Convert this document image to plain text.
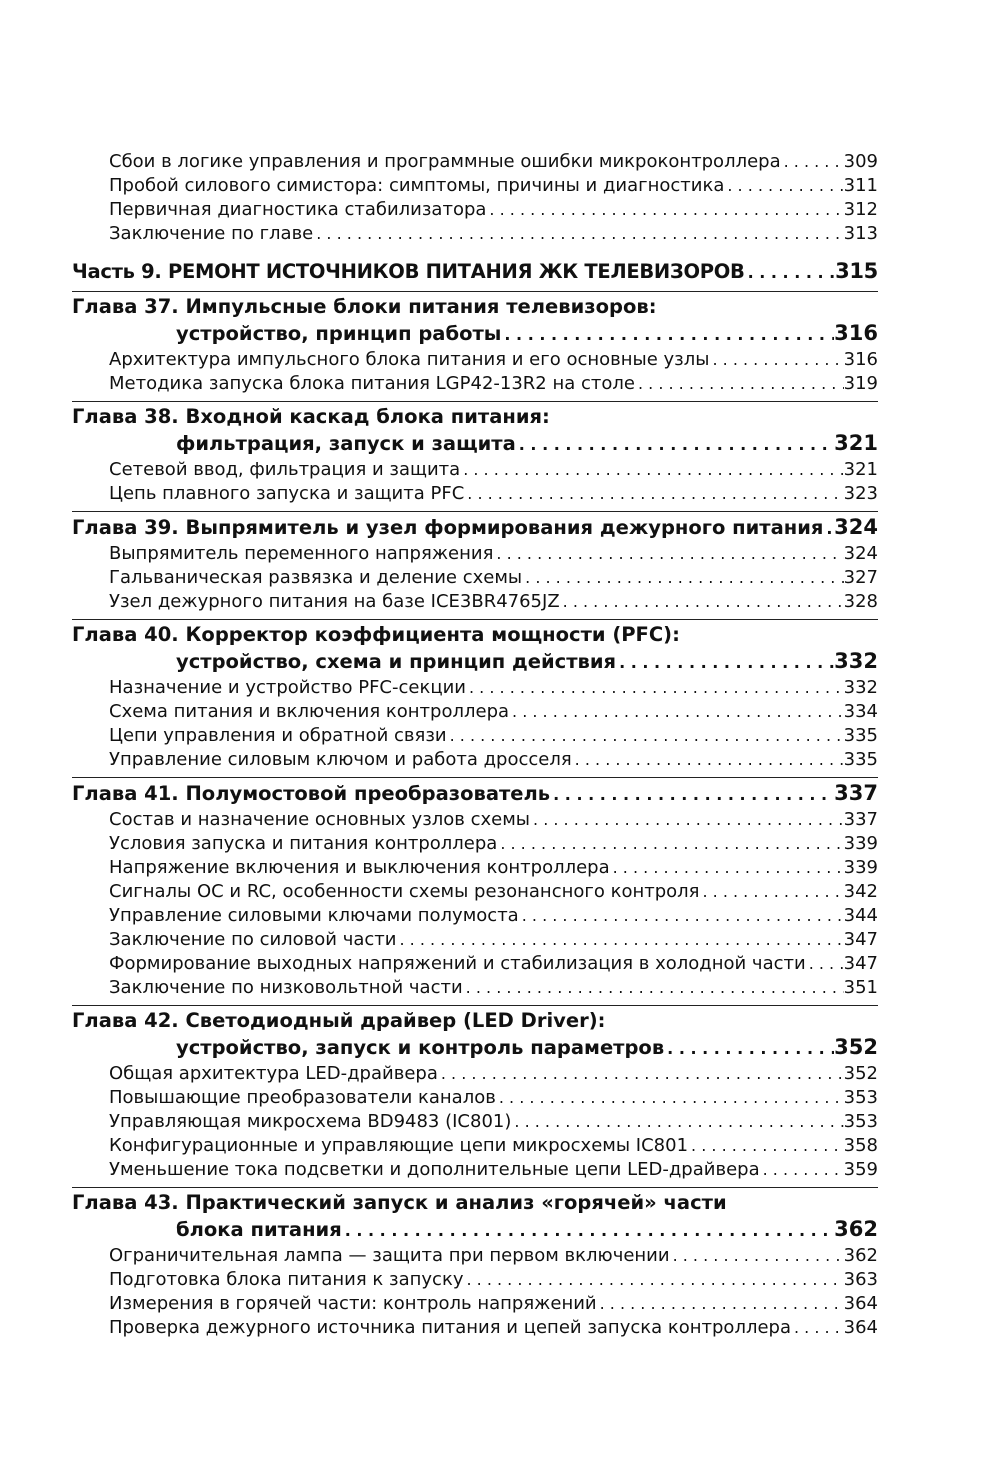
Сбои в логике управления и программные ошибки микроконтроллера . . .	309
Пробой силового симистора: симптомы, причины и диагностика . . .	311
Первичная диагностика стабилизатора . . .	312
Заключение по главе . . .	313
Часть 9. РЕМОНТ ИСТОЧНИКОВ ПИТАНИЯ ЖК ТЕЛЕВИЗОРОВ . . .	315
Глава 37. Импульсные блоки питания телевизоров:
устройство, принцип работы . . .	316
Архитектура импульсного блока питания и его основные узлы . . .	316
Методика запуска блока питания LGP42-13R2 на столе . . .	319
Глава 38. Входной каскад блока питания:
фильтрация, запуск и защита . . .	321
Сетевой ввод, фильтрация и защита . . .	321
Цепь плавного запуска и защита PFC . . .	323
Глава 39. Выпрямитель и узел формирования дежурного питания . . . 324
Выпрямитель переменного напряжения . . .	324
Гальваническая развязка и деление схемы . . .	327
Узел дежурного питания на базе ICE3BR4765JZ . . .	328
Глава 40. Корректор коэффициента мощности (PFC):
устройство, схема и принцип действия . . .	332
Назначение и устройство PFC-секции . . .	332
Схема питания и включения контроллера . . .	334
Цепи управления и обратной связи . . .	335
Управление силовым ключом и работа дросселя . . .	335
Глава 41. Полумостовой преобразователь . . .	337
Состав и назначение основных узлов схемы . . .	337
Условия запуска и питания контроллера . . .	339
Напряжение включения и выключения контроллера . . .	339
Сигналы ОС и RC, особенности схемы резонансного контроля . . .	342
Управление силовыми ключами полумоста . . .	344
Заключение по силовой части . . .	347
Формирование выходных напряжений и стабилизация в холодной части . . . 347
Заключение по низковольтной части . . .	351
Глава 42. Светодиодный драйвер (LED Driver):
устройство, запуск и контроль параметров . . .	352
Общая архитектура LED-драйвера . . .	352
Повышающие преобразователи каналов . . .	353
Управляющая микросхема BD9483 (IC801) . . .	353
Конфигурационные и управляющие цепи микросхемы IC801 . . .	358
Уменьшение тока подсветки и дополнительные цепи LED-драйвера . . .	359
Глава 43. Практический запуск и анализ «горячей» части
блока питания . . .	362
Ограничительная лампа — защита при первом включении . . .	362
Подготовка блока питания к запуску . . .	363
Измерения в горячей части: контроль напряжений . . .	364
Проверка дежурного источника питания и цепей запуска контроллера . . .	364
